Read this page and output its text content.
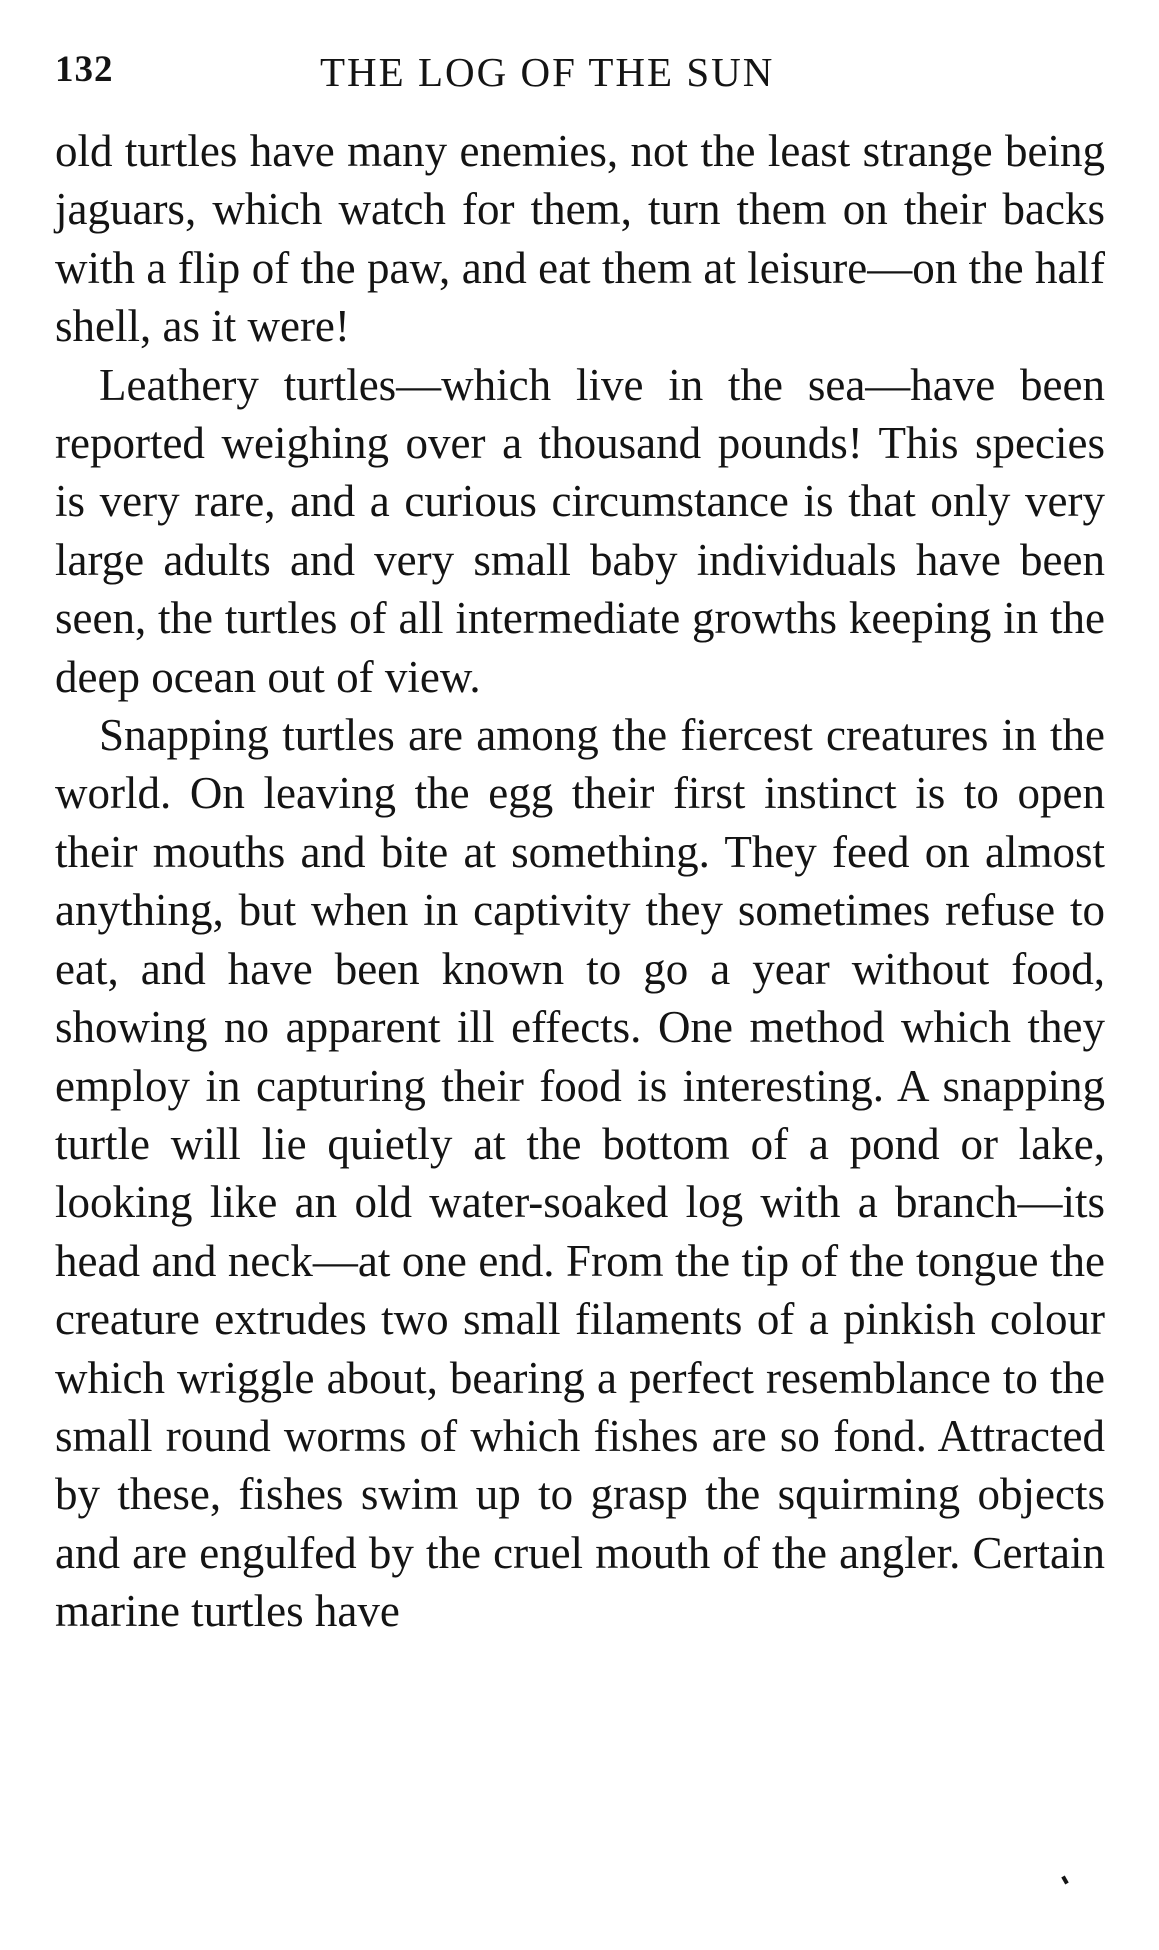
132	THE LOG OF THE SUN

old turtles have many enemies, not the least strange being jaguars, which watch for them, turn them on their backs with a flip of the paw, and eat them at leisure—on the half shell, as it were!

Leathery turtles—which live in the sea—have been reported weighing over a thousand pounds! This species is very rare, and a curious circumstance is that only very large adults and very small baby individuals have been seen, the turtles of all intermediate growths keeping in the deep ocean out of view.

Snapping turtles are among the fiercest creatures in the world. On leaving the egg their first instinct is to open their mouths and bite at something. They feed on almost anything, but when in captivity they sometimes refuse to eat, and have been known to go a year without food, showing no apparent ill effects. One method which they employ in capturing their food is interesting. A snapping turtle will lie quietly at the bottom of a pond or lake, looking like an old water-soaked log with a branch—its head and neck—at one end. From the tip of the tongue the creature extrudes two small filaments of a pinkish colour which wriggle about, bearing a perfect resemblance to the small round worms of which fishes are so fond. Attracted by these, fishes swim up to grasp the squirming objects and are engulfed by the cruel mouth of the angler. Certain marine turtles have
